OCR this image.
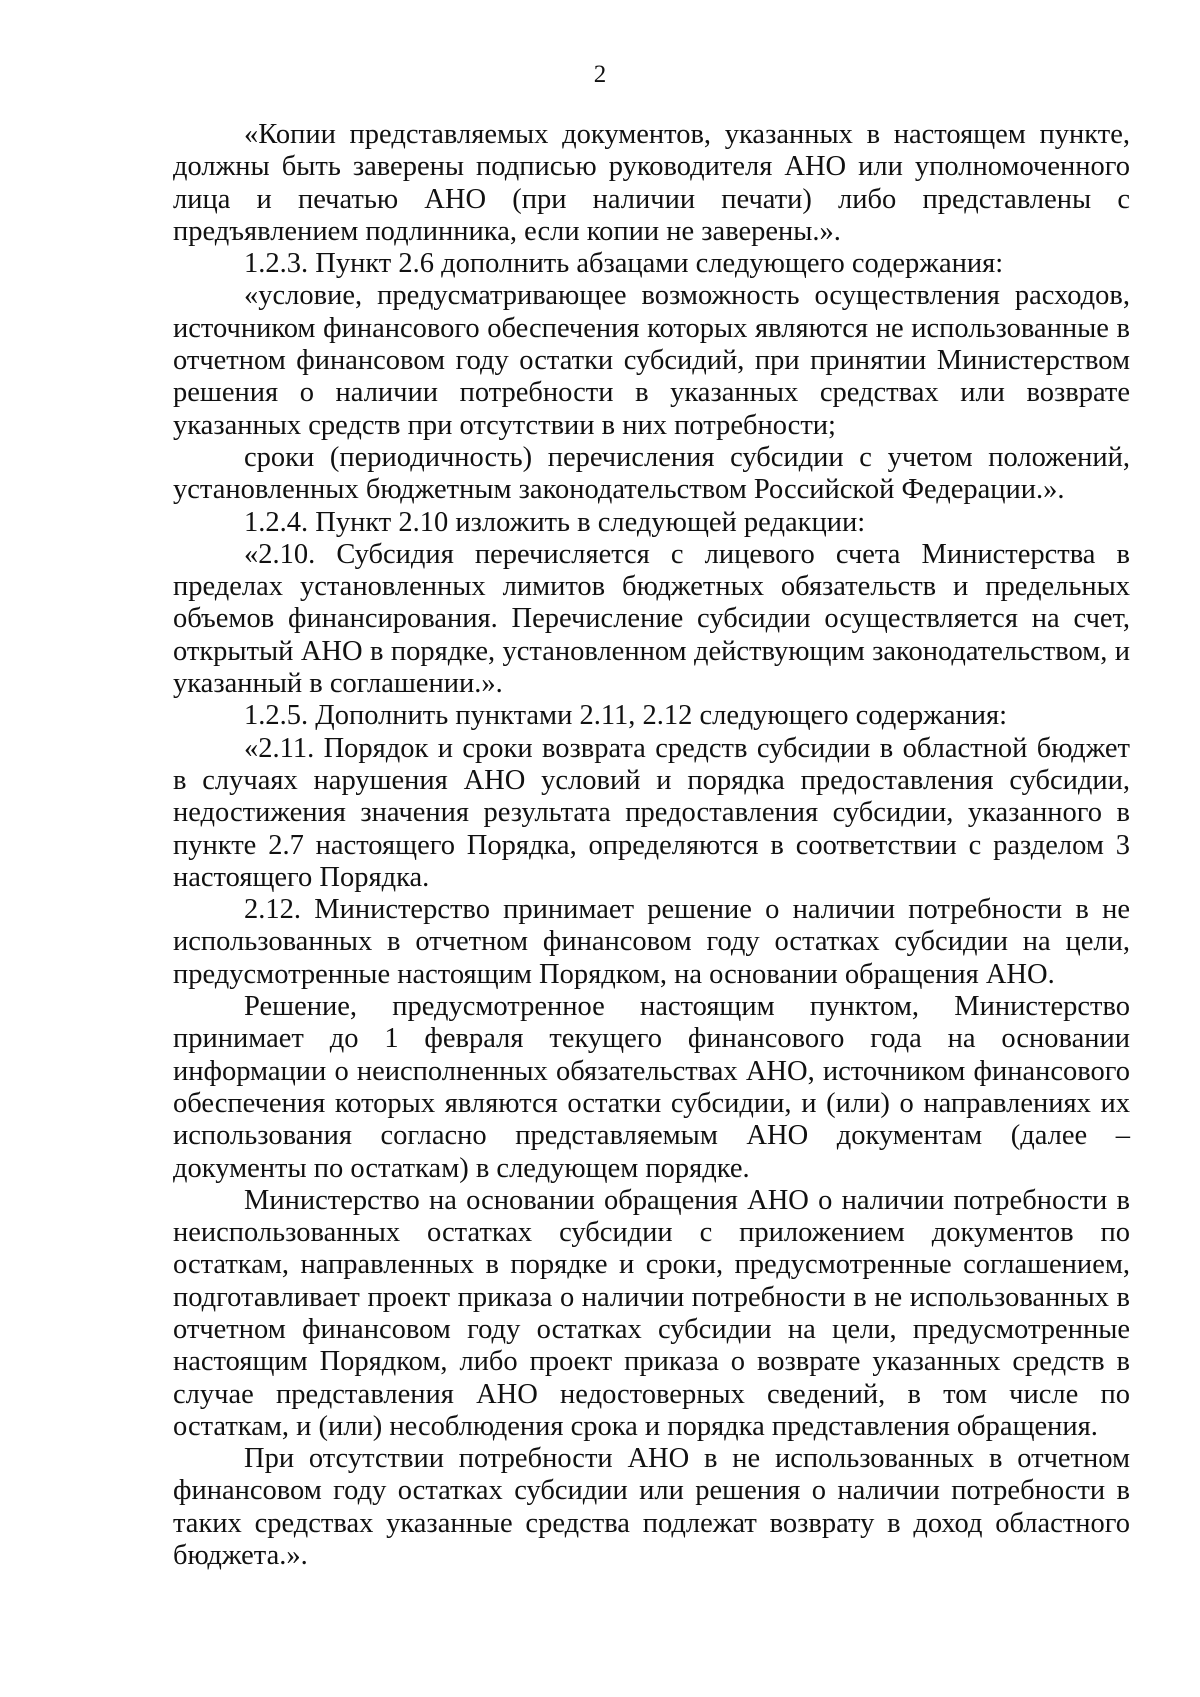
2

«Копии представляемых документов, указанных в настоящем пункте, должны быть заверены подписью руководителя АНО или уполномоченного лица и печатью АНО (при наличии печати) либо представлены с предъявлением подлинника, если копии не заверены.».

1.2.3. Пункт 2.6 дополнить абзацами следующего содержания:

«условие, предусматривающее возможность осуществления расходов, источником финансового обеспечения которых являются не использованные в отчетном финансовом году остатки субсидий, при принятии Министерством решения о наличии потребности в указанных средствах или возврате указанных средств при отсутствии в них потребности;

сроки (периодичность) перечисления субсидии с учетом положений, установленных бюджетным законодательством Российской Федерации.».

1.2.4. Пункт 2.10 изложить в следующей редакции:

«2.10. Субсидия перечисляется с лицевого счета Министерства в пределах установленных лимитов бюджетных обязательств и предельных объемов финансирования. Перечисление субсидии осуществляется на счет, открытый АНО в порядке, установленном действующим законодательством, и указанный в соглашении.».

1.2.5. Дополнить пунктами 2.11, 2.12 следующего содержания:

«2.11. Порядок и сроки возврата средств субсидии в областной бюджет в случаях нарушения АНО условий и порядка предоставления субсидии, недостижения значения результата предоставления субсидии, указанного в пункте 2.7 настоящего Порядка, определяются в соответствии с разделом 3 настоящего Порядка.

2.12. Министерство принимает решение о наличии потребности в не использованных в отчетном финансовом году остатках субсидии на цели, предусмотренные настоящим Порядком, на основании обращения АНО.

Решение, предусмотренное настоящим пунктом, Министерство принимает до 1 февраля текущего финансового года на основании информации о неисполненных обязательствах АНО, источником финансового обеспечения которых являются остатки субсидии, и (или) о направлениях их использования согласно представляемым АНО документам (далее – документы по остаткам) в следующем порядке.

Министерство на основании обращения АНО о наличии потребности в неиспользованных остатках субсидии с приложением документов по остаткам, направленных в порядке и сроки, предусмотренные соглашением, подготавливает проект приказа о наличии потребности в не использованных в отчетном финансовом году остатках субсидии на цели, предусмотренные настоящим Порядком, либо проект приказа о возврате указанных средств в случае представления АНО недостоверных сведений, в том числе по остаткам, и (или) несоблюдения срока и порядка представления обращения.

При отсутствии потребности АНО в не использованных в отчетном финансовом году остатках субсидии или решения о наличии потребности в таких средствах указанные средства подлежат возврату в доход областного бюджета.».
